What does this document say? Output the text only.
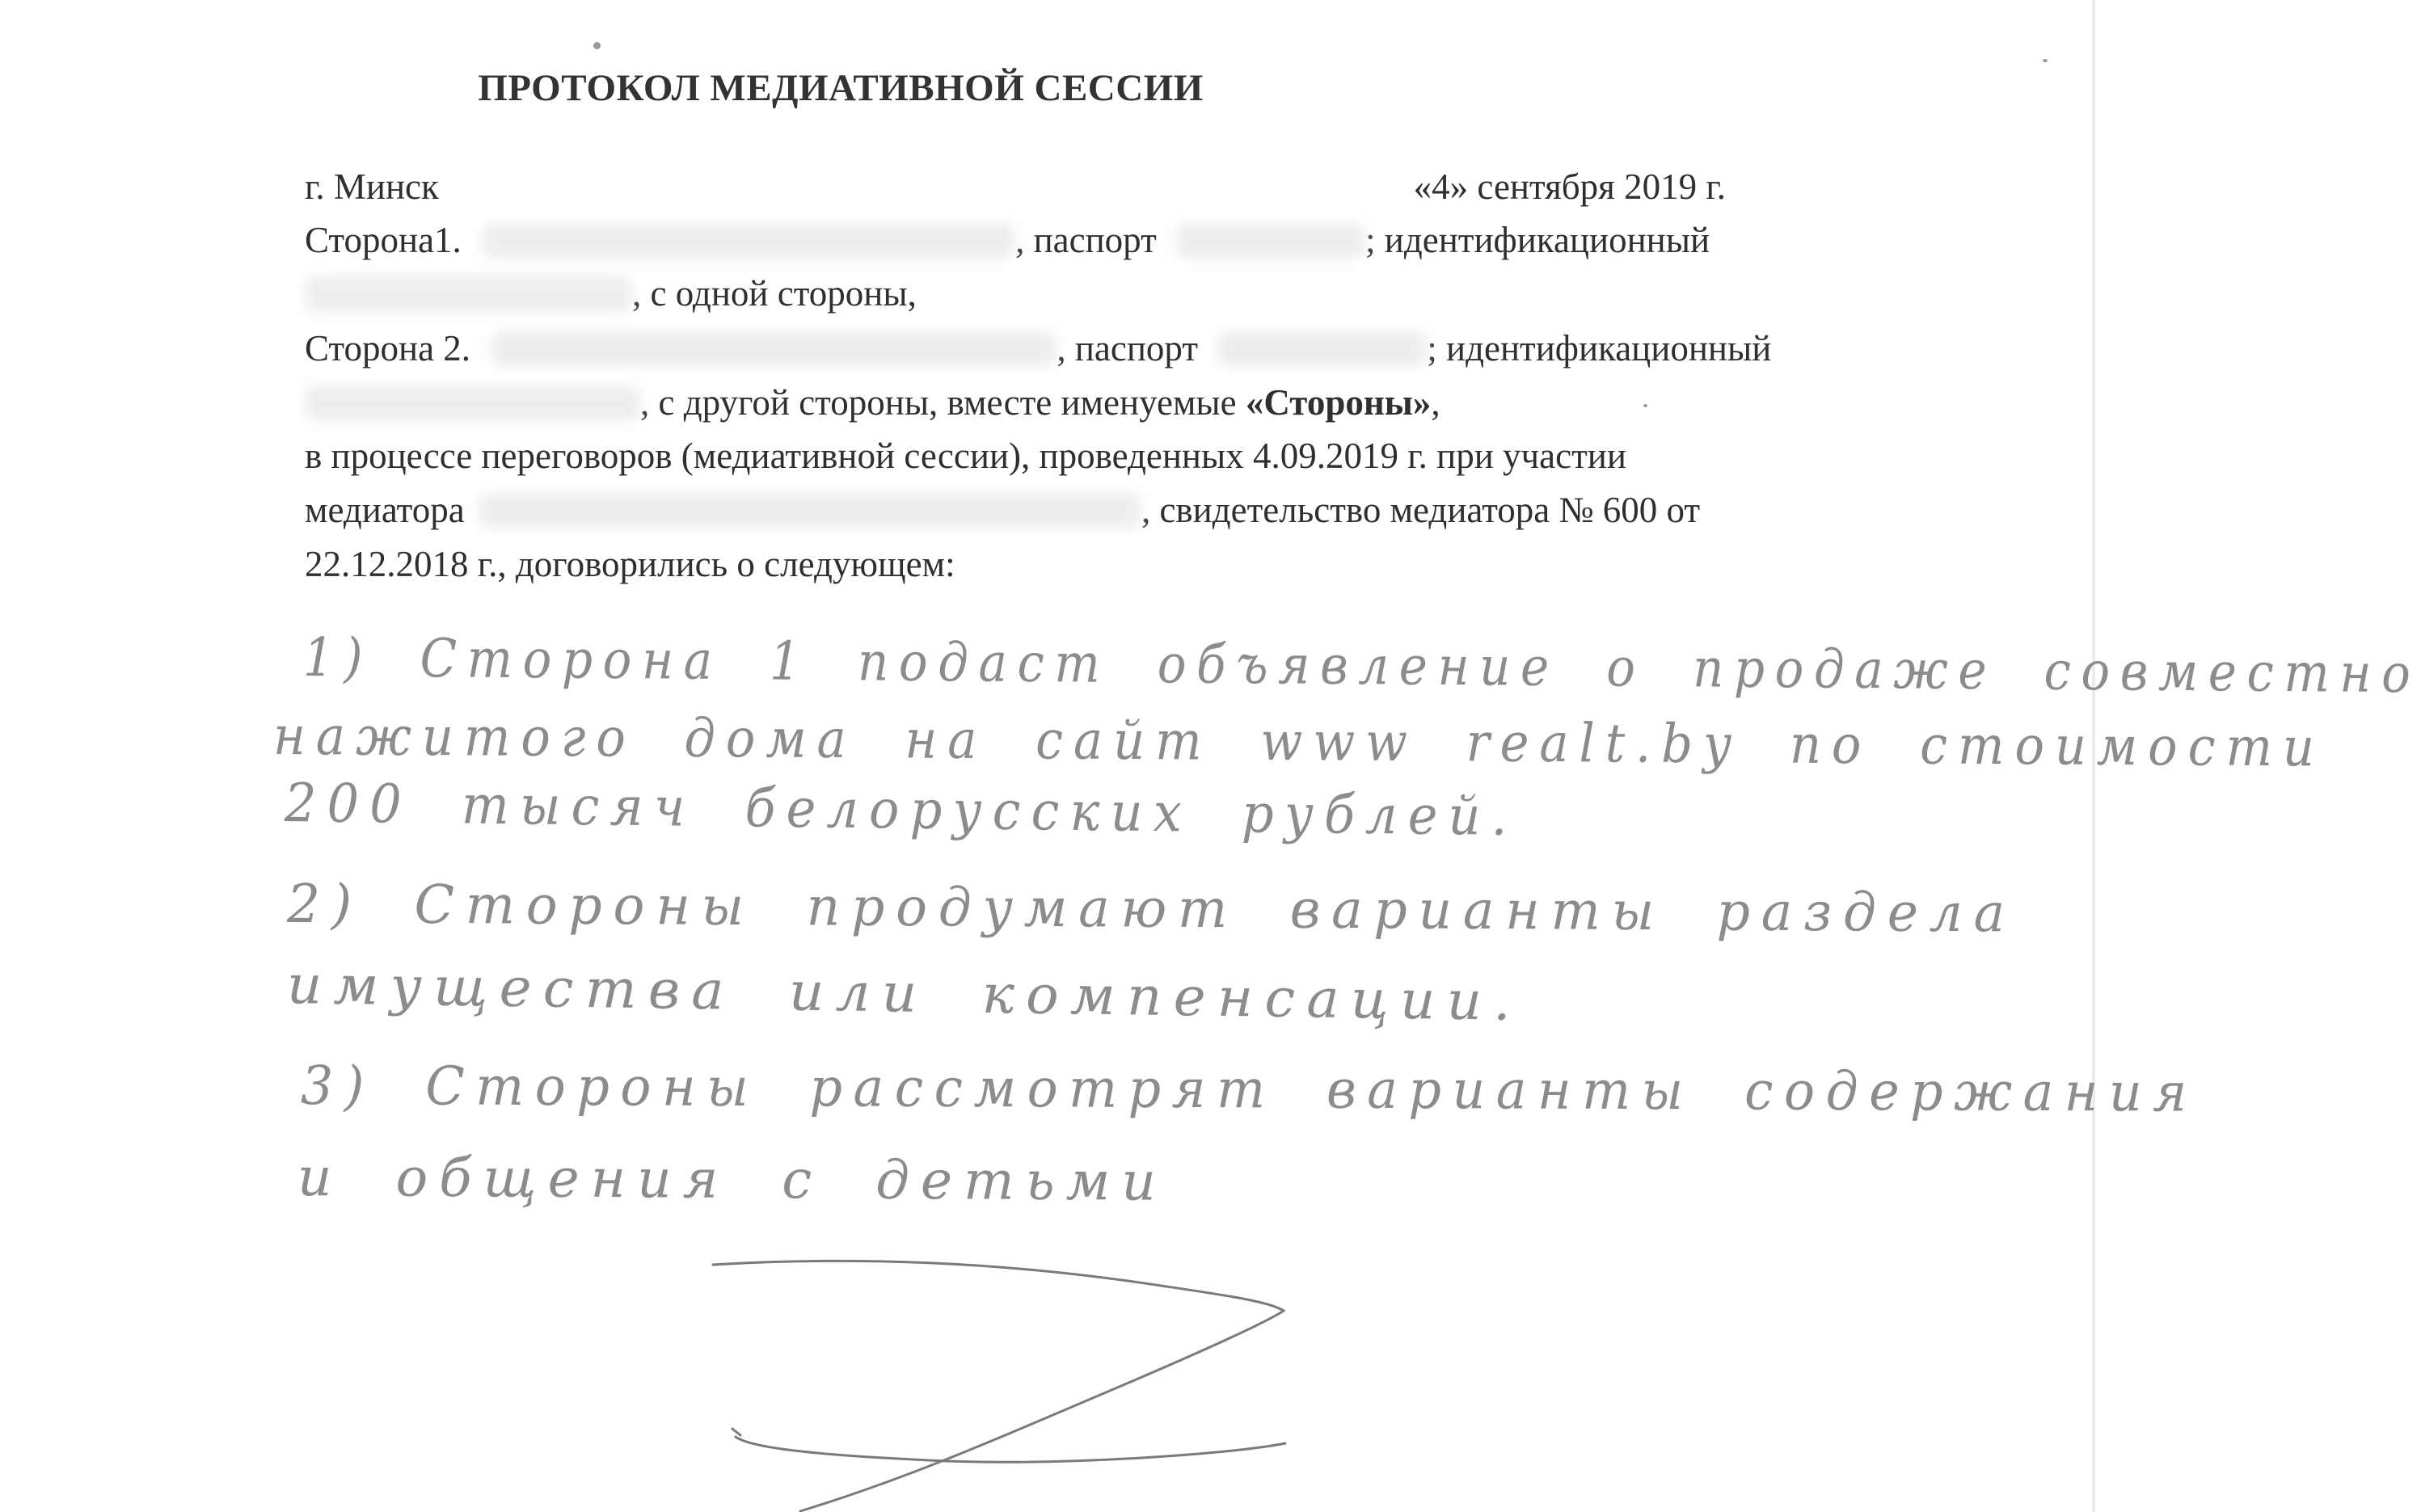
ПРОТОКОЛ МЕДИАТИВНОЙ СЕССИИ
г. Минск	«4» сентября 2019 г.
Сторона1.	, паспорт	; идентификационный
, с одной стороны,
Сторона 2.	, паспорт	; идентификационный
, с другой стороны, вместе именуемые «Стороны»,
в процессе переговоров (медиативной сессии), проведенных 4.09.2019 г. при участии
медиатора	, свидетельство медиатора № 600 от
22.12.2018 г., договорились о следующем:
1) Сторона 1 подаст объявление о продаже совместно
нажитого дома на сайт www realt.by по стоимости
200 тысяч белорусских рублей.
2) Стороны продумают варианты раздела
имущества или компенсации.
3) Стороны рассмотрят варианты содержания
и общения с детьми
